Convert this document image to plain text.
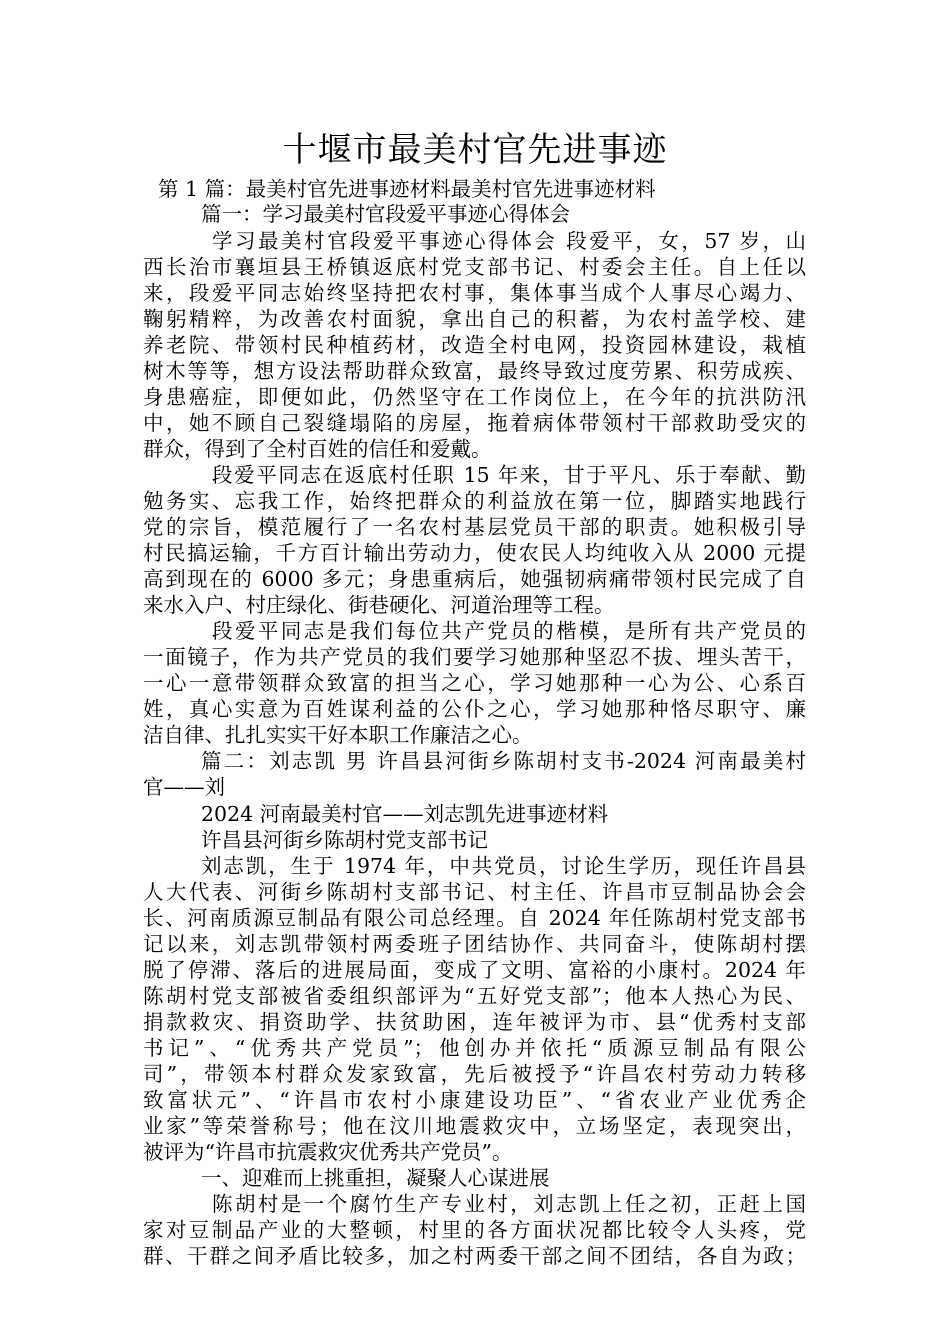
十堰市最美村官先进事迹
第 1 篇：最美村官先进事迹材料最美村官先进事迹材料
篇一：学习最美村官段爱平事迹心得体会
学习最美村官段爱平事迹心得体会 段爱平，女，57 岁，山
西长治市襄垣县王桥镇返底村党支部书记、村委会主任。自上任以
来，段爱平同志始终坚持把农村事，集体事当成个人事尽心竭力、
鞠躬精粹，为改善农村面貌，拿出自己的积蓄，为农村盖学校、建
养老院、带领村民种植药材，改造全村电网，投资园林建设，栽植
树木等等，想方设法帮助群众致富，最终导致过度劳累、积劳成疾、
身患癌症，即便如此，仍然坚守在工作岗位上，在今年的抗洪防汛
中，她不顾自己裂缝塌陷的房屋，拖着病体带领村干部救助受灾的
群众，得到了全村百姓的信任和爱戴。
段爱平同志在返底村任职 15 年来，甘于平凡、乐于奉献、勤
勉务实、忘我工作，始终把群众的利益放在第一位，脚踏实地践行
党的宗旨，模范履行了一名农村基层党员干部的职责。她积极引导
村民搞运输，千方百计输出劳动力，使农民人均纯收入从 2000 元提
高到现在的 6000 多元；身患重病后，她强韧病痛带领村民完成了自
来水入户、村庄绿化、街巷硬化、河道治理等工程。
段爱平同志是我们每位共产党员的楷模，是所有共产党员的
一面镜子，作为共产党员的我们要学习她那种坚忍不拔、埋头苦干，
一心一意带领群众致富的担当之心，学习她那种一心为公、心系百
姓，真心实意为百姓谋利益的公仆之心，学习她那种恪尽职守、廉
洁自律、扎扎实实干好本职工作廉洁之心。
篇二：刘志凯 男 许昌县河街乡陈胡村支书-2024 河南最美村
官——刘
2024 河南最美村官——刘志凯先进事迹材料
许昌县河街乡陈胡村党支部书记
刘志凯，生于 1974 年，中共党员，讨论生学历，现任许昌县
人大代表、河街乡陈胡村支部书记、村主任、许昌市豆制品协会会
长、河南质源豆制品有限公司总经理。自 2024 年任陈胡村党支部书
记以来，刘志凯带领村两委班子团结协作、共同奋斗，使陈胡村摆
脱了停滞、落后的进展局面，变成了文明、富裕的小康村。2024 年
陈胡村党支部被省委组织部评为“五好党支部”；他本人热心为民、
捐款救灾、捐资助学、扶贫助困，连年被评为市、县“优秀村支部
书记”、“优秀共产党员”；他创办并依托“质源豆制品有限公
司”，带领本村群众发家致富，先后被授予“许昌农村劳动力转移
致富状元”、“许昌市农村小康建设功臣”、“省农业产业优秀企
业家”等荣誉称号；他在汶川地震救灾中，立场坚定，表现突出，
被评为“许昌市抗震救灾优秀共产党员”。
一、迎难而上挑重担，凝聚人心谋进展
陈胡村是一个腐竹生产专业村，刘志凯上任之初，正赶上国
家对豆制品产业的大整顿，村里的各方面状况都比较令人头疼，党
群、干群之间矛盾比较多，加之村两委干部之间不团结，各自为政；
